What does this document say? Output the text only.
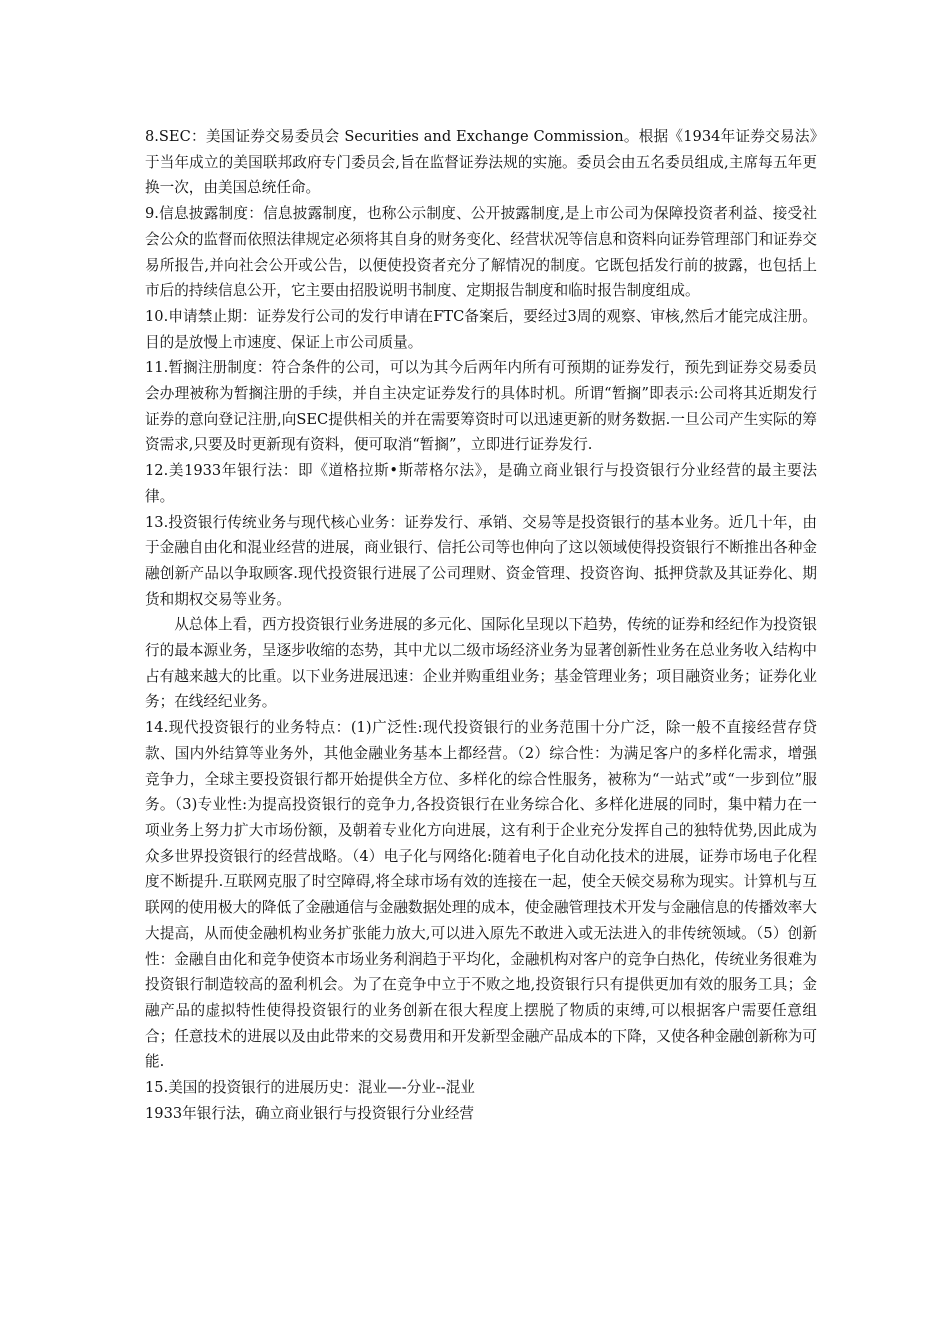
8.SEC：美国证券交易委员会 Securities and Exchange Commission。根据《1934年证券交易法》于当年成立的美国联邦政府专门委员会,旨在监督证券法规的实施。委员会由五名委员组成,主席每五年更换一次，由美国总统任命。

9.信息披露制度：信息披露制度，也称公示制度、公开披露制度,是上市公司为保障投资者利益、接受社会公众的监督而依照法律规定必须将其自身的财务变化、经营状况等信息和资料向证券管理部门和证券交易所报告,并向社会公开或公告，以便使投资者充分了解情况的制度。它既包括发行前的披露，也包括上市后的持续信息公开，它主要由招股说明书制度、定期报告制度和临时报告制度组成。

10.申请禁止期：证券发行公司的发行申请在FTC备案后，要经过3周的观察、审核,然后才能完成注册。目的是放慢上市速度、保证上市公司质量。

11.暂搁注册制度：符合条件的公司，可以为其今后两年内所有可预期的证券发行，预先到证券交易委员会办理被称为暂搁注册的手续，并自主决定证券发行的具体时机。所谓“暂搁”即表示:公司将其近期发行证券的意向登记注册,向SEC提供相关的并在需要筹资时可以迅速更新的财务数据.一旦公司产生实际的筹资需求,只要及时更新现有资料，便可取消“暂搁”，立即进行证券发行.

12.美1933年银行法：即《道格拉斯•斯蒂格尔法》，是确立商业银行与投资银行分业经营的最主要法律。

13.投资银行传统业务与现代核心业务：证券发行、承销、交易等是投资银行的基本业务。近几十年，由于金融自由化和混业经营的进展，商业银行、信托公司等也伸向了这以领域使得投资银行不断推出各种金融创新产品以争取顾客.现代投资银行进展了公司理财、资金管理、投资咨询、抵押贷款及其证券化、期货和期权交易等业务。

从总体上看，西方投资银行业务进展的多元化、国际化呈现以下趋势，传统的证券和经纪作为投资银行的最本源业务，呈逐步收缩的态势，其中尤以二级市场经济业务为显著创新性业务在总业务收入结构中占有越来越大的比重。以下业务进展迅速：企业并购重组业务；基金管理业务；项目融资业务；证券化业务；在线经纪业务。

14.现代投资银行的业务特点：(1)广泛性:现代投资银行的业务范围十分广泛，除一般不直接经营存贷款、国内外结算等业务外，其他金融业务基本上都经营。（2）综合性：为满足客户的多样化需求，增强竞争力，全球主要投资银行都开始提供全方位、多样化的综合性服务，被称为“一站式”或“一步到位”服务。（3)专业性:为提高投资银行的竞争力,各投资银行在业务综合化、多样化进展的同时，集中精力在一项业务上努力扩大市场份额，及朝着专业化方向进展，这有利于企业充分发挥自己的独特优势,因此成为众多世界投资银行的经营战略。（4）电子化与网络化:随着电子化自动化技术的进展，证券市场电子化程度不断提升.互联网克服了时空障碍,将全球市场有效的连接在一起，使全天候交易称为现实。计算机与互联网的使用极大的降低了金融通信与金融数据处理的成本，使金融管理技术开发与金融信息的传播效率大大提高，从而使金融机构业务扩张能力放大,可以进入原先不敢进入或无法进入的非传统领域。（5）创新性：金融自由化和竞争使资本市场业务利润趋于平均化，金融机构对客户的竞争白热化，传统业务很难为投资银行制造较高的盈利机会。为了在竞争中立于不败之地,投资银行只有提供更加有效的服务工具；金融产品的虚拟特性使得投资银行的业务创新在很大程度上摆脱了物质的束缚,可以根据客户需要任意组合；任意技术的进展以及由此带来的交易费用和开发新型金融产品成本的下降，又使各种金融创新称为可能.

15.美国的投资银行的进展历史：混业—-分业--混业

1933年银行法，确立商业银行与投资银行分业经营
